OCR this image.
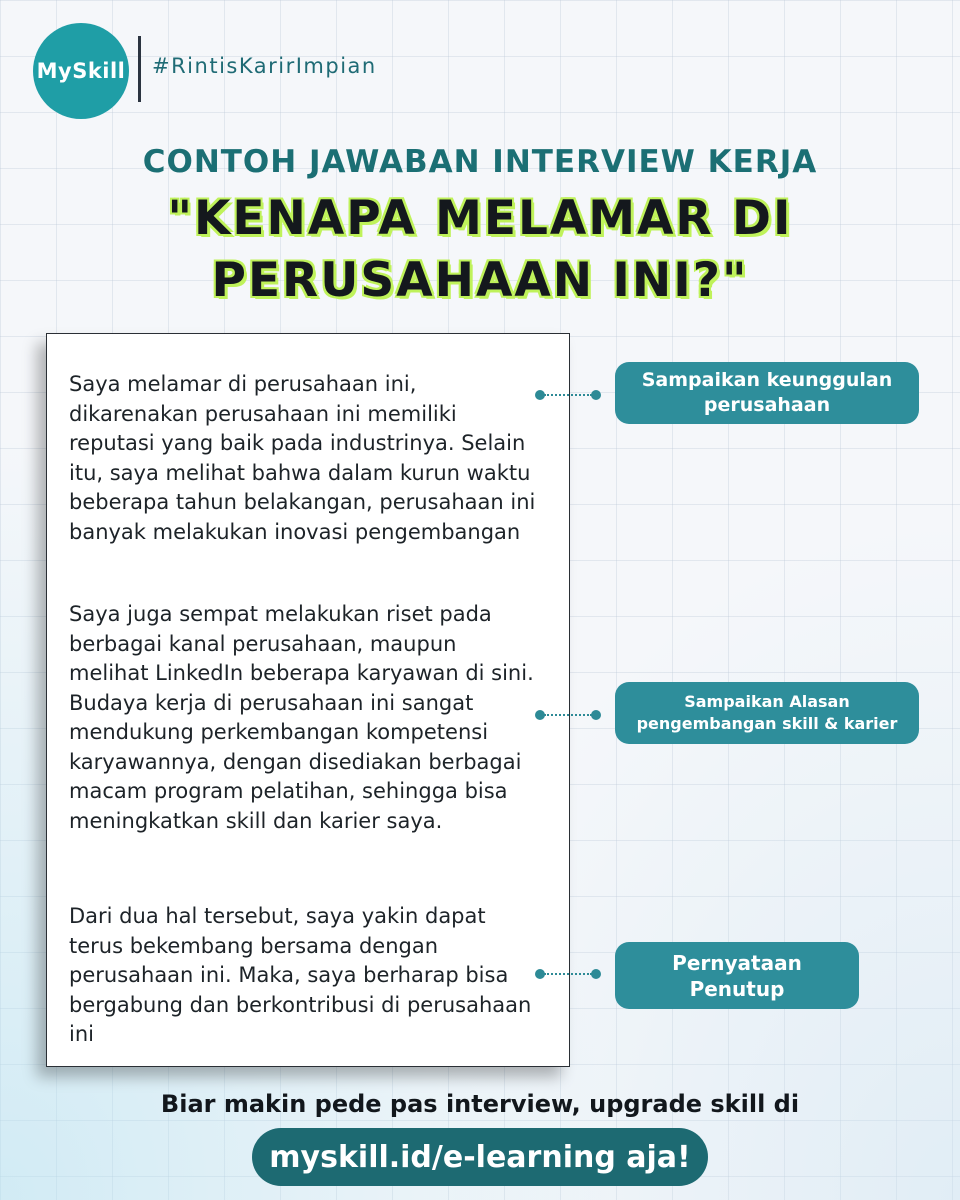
MySkill #RintisKarirImpian
CONTOH JAWABAN INTERVIEW KERJA
"KENAPA MELAMAR DI
PERUSAHAAN INI?"

Saya melamar di perusahaan ini, dikarenakan perusahaan ini memiliki reputasi yang baik pada industrinya. Selain itu, saya melihat bahwa dalam kurun waktu beberapa tahun belakangan, perusahaan ini banyak melakukan inovasi pengembangan

Saya juga sempat melakukan riset pada berbagai kanal perusahaan, maupun melihat LinkedIn beberapa karyawan di sini. Budaya kerja di perusahaan ini sangat mendukung perkembangan kompetensi karyawannya, dengan disediakan berbagai macam program pelatihan, sehingga bisa meningkatkan skill dan karier saya.

Dari dua hal tersebut, saya yakin dapat terus bekembang bersama dengan perusahaan ini. Maka, saya berharap bisa bergabung dan berkontribusi di perusahaan ini

Sampaikan keunggulan
perusahaan
Sampaikan Alasan
pengembangan skill & karier
Pernyataan
Penutup
Biar makin pede pas interview, upgrade skill di
myskill.id/e-learning aja!
